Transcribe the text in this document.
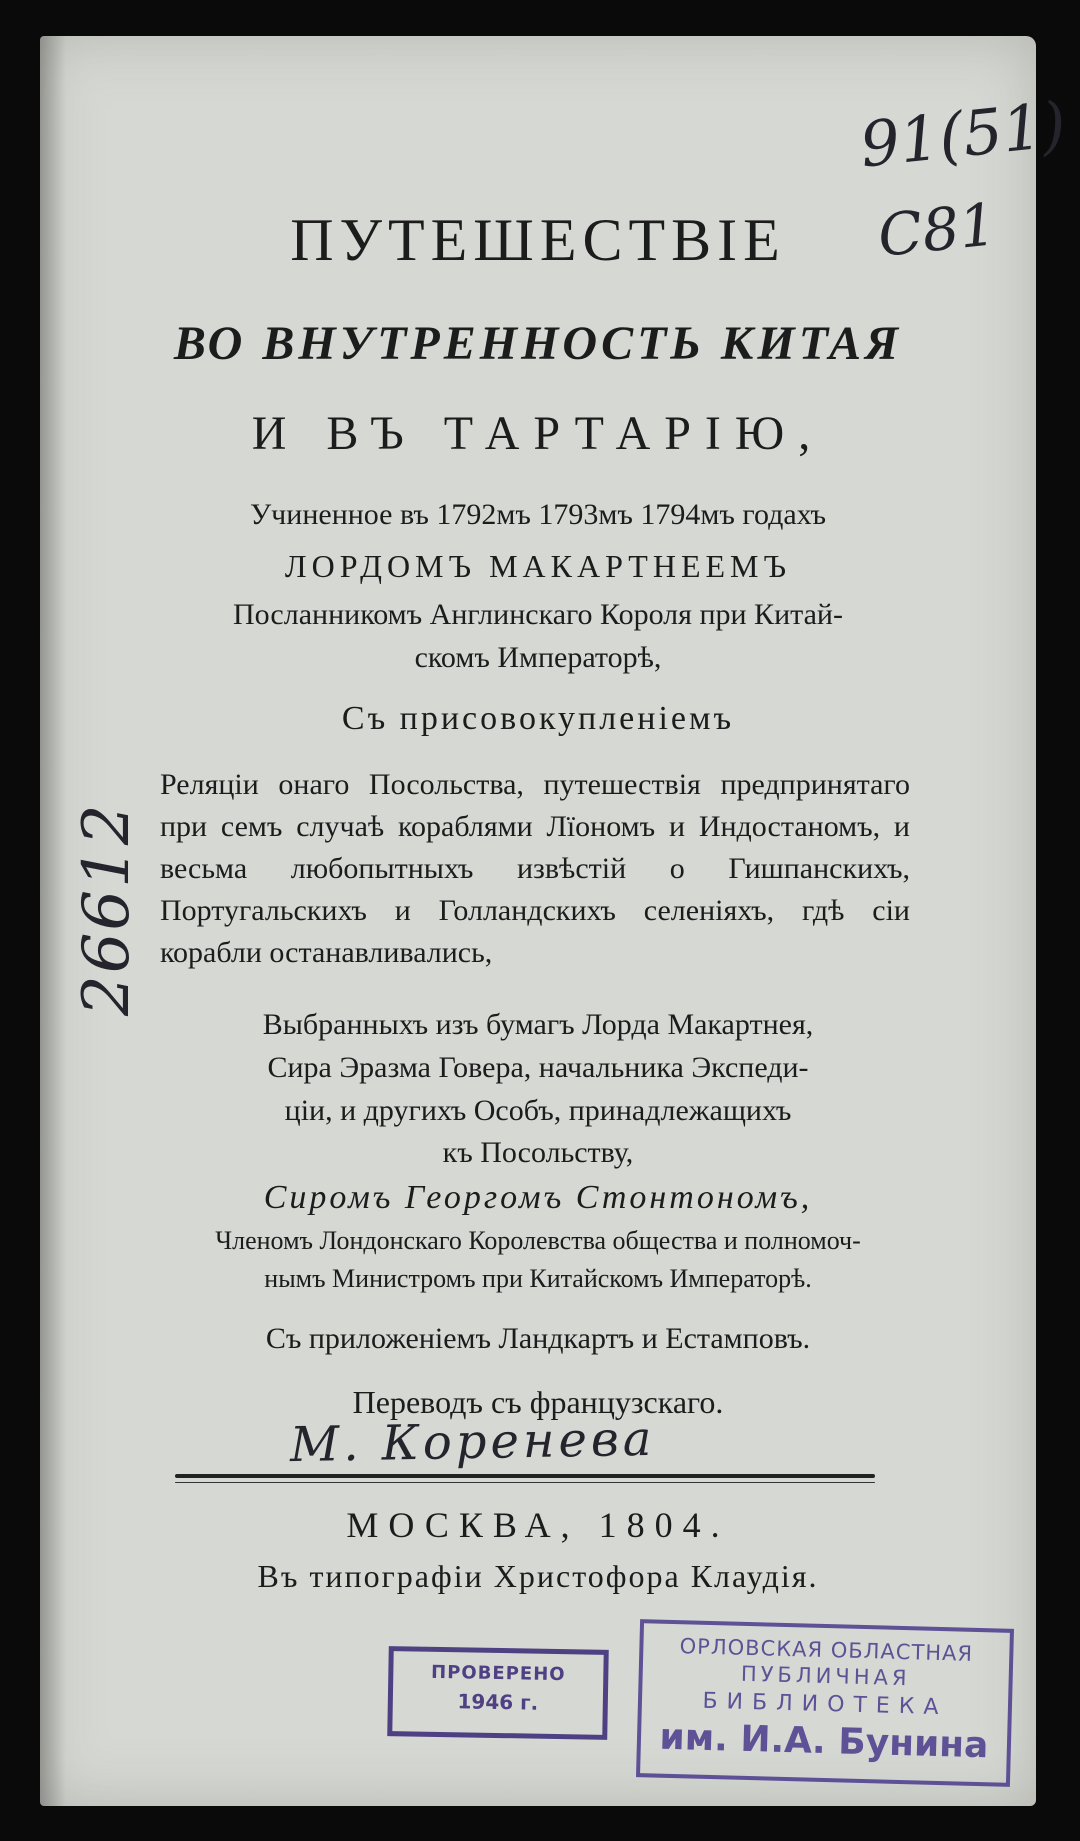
ПУТЕШЕСТВІЕ
ВО ВНУТРЕННОСТЬ КИТАЯ
И ВЪ ТАРТАРІЮ,
Учиненное въ 1792мъ 1793мъ 1794мъ годахъ
ЛОРДОМЪ МАКАРТНЕЕМЪ
Посланникомъ Англинскаго Короля при Китай-
скомъ Императорѣ,
Съ присовокупленіемъ
Реляціи онаго Посольства, путешествія предпринятаго при семъ случаѣ кораблями Лïономъ и Индостаномъ, и весьма любопытныхъ извѣстій о Гишпанскихъ, Португальскихъ и Голландскихъ селеніяхъ, гдѣ сіи корабли останавливались,
Выбранныхъ изъ бумагъ Лорда Макартнея,
Сира Эразма Говера, начальника Экспеди-
ціи, и другихъ Особъ, принадлежащихъ
къ Посольству,
Сиромъ Георгомъ Стонтономъ,
Членомъ Лондонскаго Королевства общества и полномоч-
нымъ Министромъ при Китайскомъ Императорѣ.
Съ приложеніемъ Ландкартъ и Естамповъ.
Переводъ съ французскаго.
М. Коренева
МОСКВА, 1804.
Въ типографіи Христофора Клаудія.
91(51)
C81
26612
ПРОВЕРЕНО
1946 г.
ОРЛОВСКАЯ ОБЛАСТНАЯ
ПУБЛИЧНАЯ
БИБЛИОТЕКА
им. И.А. Бунина
